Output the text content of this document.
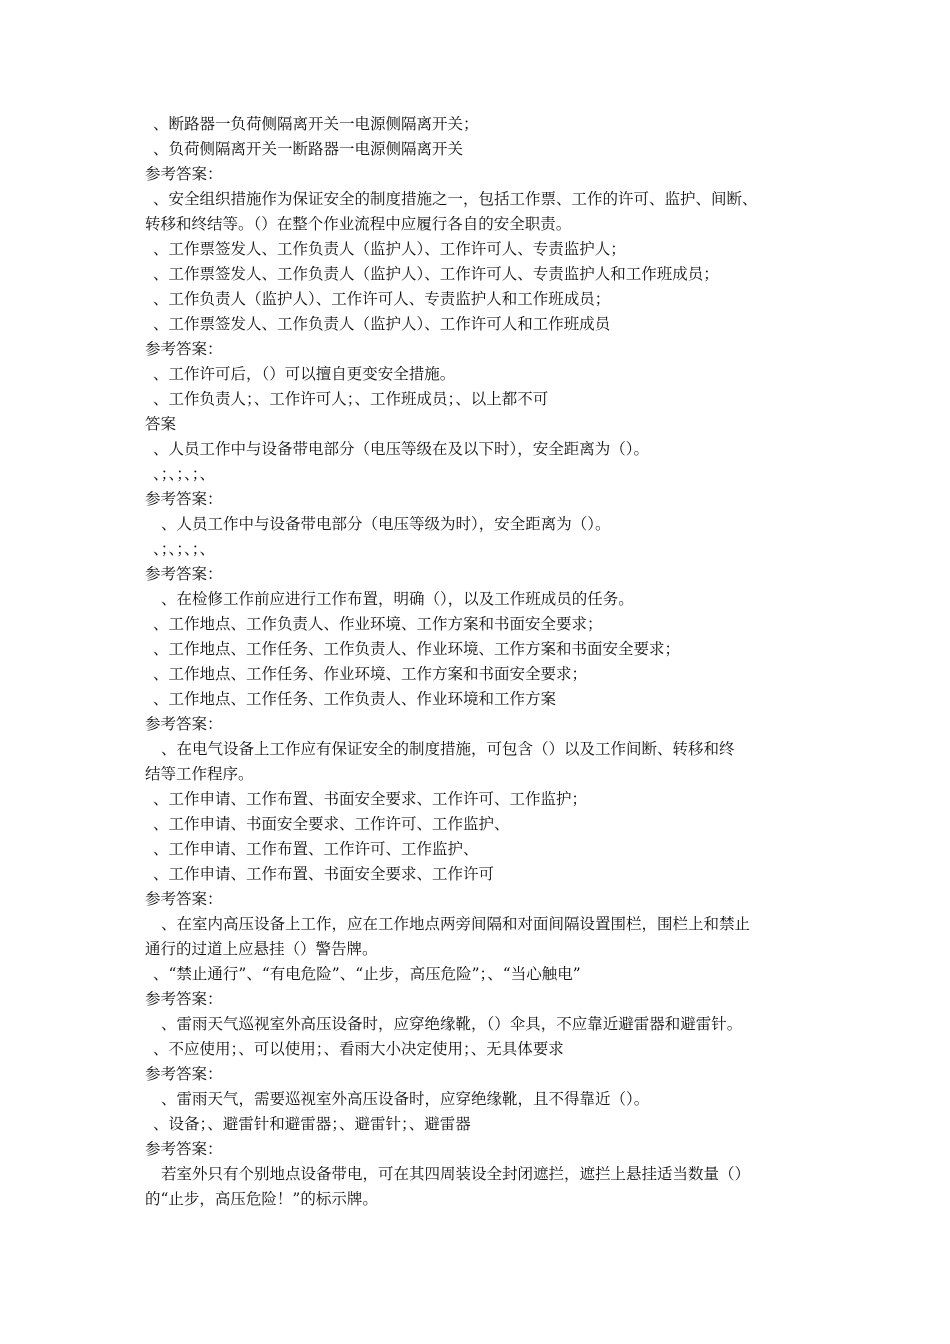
、断路器一负荷侧隔离开关一电源侧隔离开关；
、负荷侧隔离开关一断路器一电源侧隔离开关
参考答案：
、安全组织措施作为保证安全的制度措施之一，包括工作票、工作的许可、监护、间断、
转移和终结等。（）在整个作业流程中应履行各自的安全职责。
、工作票签发人、工作负责人（监护人）、工作许可人、专责监护人；
、工作票签发人、工作负责人（监护人）、工作许可人、专责监护人和工作班成员；
、工作负责人（监护人）、工作许可人、专责监护人和工作班成员；
、工作票签发人、工作负责人（监护人）、工作许可人和工作班成员
参考答案：
、工作许可后，（）可以擅自更变安全措施。
、工作负责人；、工作许可人；、工作班成员；、以上都不可
答案
、人员工作中与设备带电部分（电压等级在及以下时），安全距离为（）。
、；、；、；、
参考答案：
、人员工作中与设备带电部分（电压等级为时），安全距离为（）。
、；、；、；、
参考答案：
、在检修工作前应进行工作布置，明确（），以及工作班成员的任务。
、工作地点、工作负责人、作业环境、工作方案和书面安全要求；
、工作地点、工作任务、工作负责人、作业环境、工作方案和书面安全要求；
、工作地点、工作任务、作业环境、工作方案和书面安全要求；
、工作地点、工作任务、工作负责人、作业环境和工作方案
参考答案：
、在电气设备上工作应有保证安全的制度措施，可包含（）以及工作间断、转移和终
结等工作程序。
、工作申请、工作布置、书面安全要求、工作许可、工作监护；
、工作申请、书面安全要求、工作许可、工作监护、
、工作申请、工作布置、工作许可、工作监护、
、工作申请、工作布置、书面安全要求、工作许可
参考答案：
、在室内高压设备上工作，应在工作地点两旁间隔和对面间隔设置围栏，围栏上和禁止
通行的过道上应悬挂（）警告牌。
、“禁止通行”、“有电危险”、“止步，高压危险”；、“当心触电”
参考答案：
、雷雨天气巡视室外高压设备时，应穿绝缘靴，（）伞具，不应靠近避雷器和避雷针。
、不应使用；、可以使用；、看雨大小决定使用；、无具体要求
参考答案：
、雷雨天气，需要巡视室外高压设备时，应穿绝缘靴，且不得靠近（）。
、设备；、避雷针和避雷器；、避雷针；、避雷器
参考答案：
若室外只有个别地点设备带电，可在其四周装设全封闭遮拦，遮拦上悬挂适当数量（）
的“止步，高压危险！”的标示牌。
